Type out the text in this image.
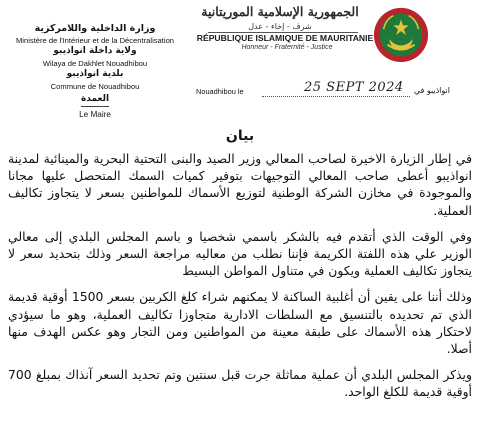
الجمهورية الإسلامية الموريتانية
شرف - إخاء - عدل
RÉPUBLIQUE ISLAMIQUE DE MAURITANIE
Honneur - Fraternité - Justice
وزارة الداخلية واللامركزية
Ministère de l'Intérieur et de la Décentralisation
ولاية داخلة انواذيبو
Wilaya de Dakhlet Nouadhibou
بلدية انواذيبو
Commune de Nouadhibou
العمدة
Le Maire
Nouadhibou le	25 SEPT 2024 انواذيبو في
بيان

في إطار الزيارة الاخيرة لصاحب المعالي وزير الصيد والبنى التحتية البحرية والمينائية لمدينة انواذيبو أعطى صاحب المعالي التوجيهات بتوفير كميات السمك المتحصل عليها مجانا والموجودة في مخازن الشركة الوطنية لتوزيع الأسماك للمواطنين بسعر لا يتجاوز تكاليف العملية.

وفي الوقت الذي أتقدم فيه بالشكر باسمي شخصيا و باسم المجلس البلدي إلى معالي الوزير علي هذه اللفتة الكريمة فإننا نطلب من معاليه مراجعة السعر وذلك بتحديد سعر لا يتجاوز تكاليف العملية ويكون في متناول المواطن البسيط

وذلك أننا على يقين أن أغلبية الساكنة لا يمكنهم شراء كلغ الكربين بسعر 1500 أوقية قديمة الذي تم تحديده بالتنسيق مع السلطات الادارية متجاوزا تكاليف العملية، وهو ما سيؤدي لاحتكار هذه الأسماك على طبقة معينة من المواطنين ومن التجار وهو عكس الهدف منها أصلا.

ويذكر المجلس البلدي أن عملية مماثلة جرت قبل سنتين وتم تحديد السعر آنذاك بمبلغ 700 أوقية قديمة للكلغ الواحد.
